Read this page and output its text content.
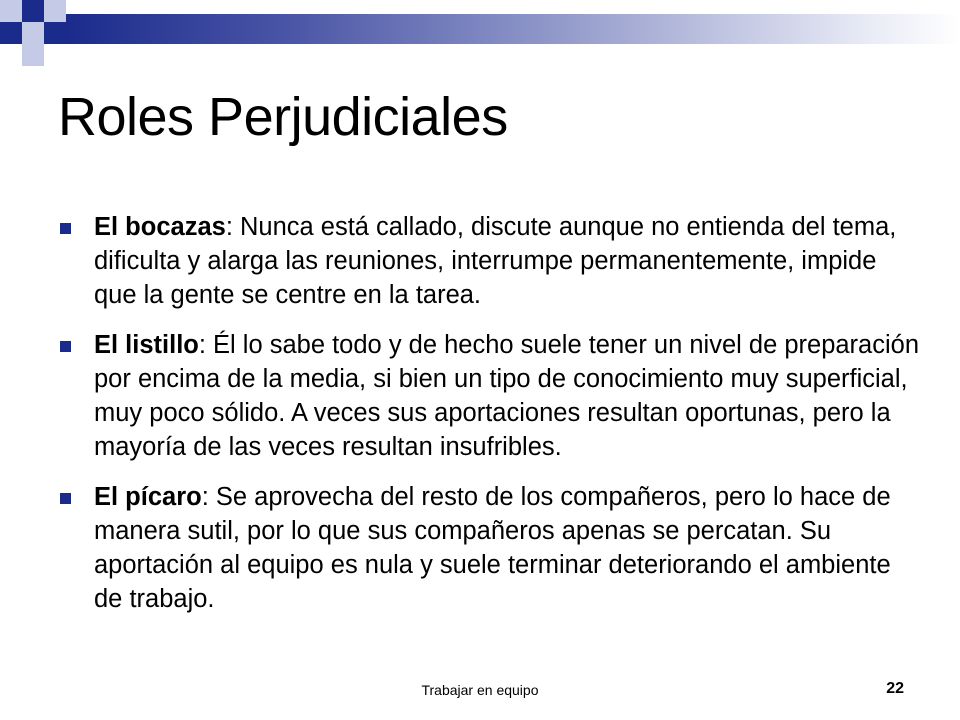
Roles Perjudiciales
El bocazas: Nunca está callado, discute aunque no entienda del tema, dificulta y alarga las reuniones, interrumpe permanentemente, impide que la gente se centre en la tarea.
El listillo: Él lo sabe todo y de hecho suele tener un nivel de preparación por encima de la media, si bien un tipo de conocimiento muy superficial, muy poco sólido. A veces sus aportaciones resultan oportunas, pero la mayoría de las veces resultan insufribles.
El pícaro: Se aprovecha del resto de los compañeros, pero lo hace de manera sutil, por lo que sus compañeros apenas se percatan. Su aportación al equipo es nula y suele terminar deteriorando el ambiente de trabajo.
Trabajar en equipo	22
